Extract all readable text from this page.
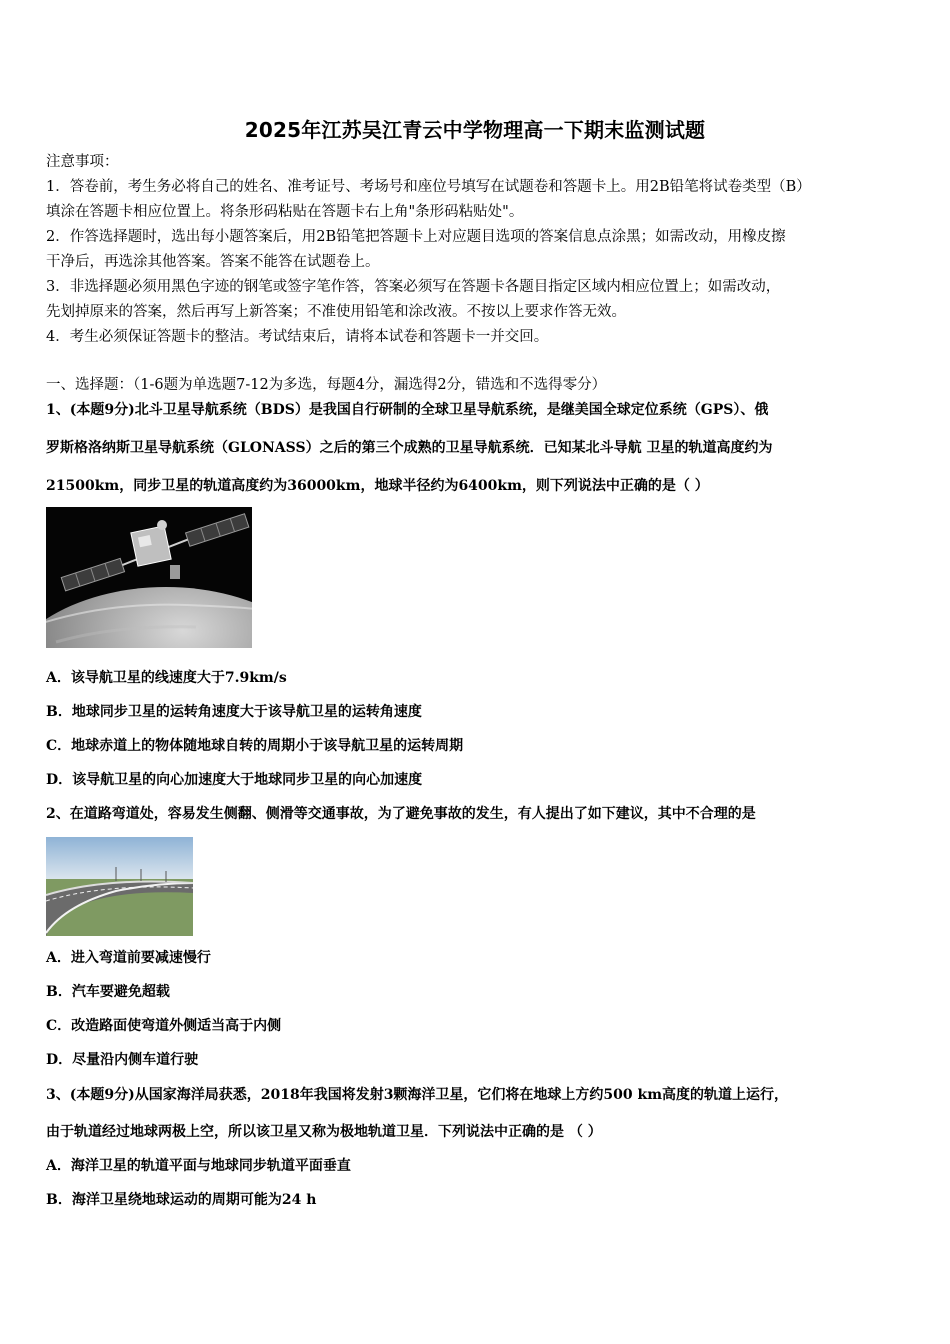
2025年江苏吴江青云中学物理高一下期末监测试题
注意事项：
1．答卷前，考生务必将自己的姓名、准考证号、考场号和座位号填写在试题卷和答题卡上。用2B铅笔将试卷类型（B）
填涂在答题卡相应位置上。将条形码粘贴在答题卡右上角"条形码粘贴处"。
2．作答选择题时，选出每小题答案后，用2B铅笔把答题卡上对应题目选项的答案信息点涂黑；如需改动，用橡皮擦
干净后，再选涂其他答案。答案不能答在试题卷上。
3．非选择题必须用黑色字迹的钢笔或签字笔作答，答案必须写在答题卡各题目指定区域内相应位置上；如需改动，
先划掉原来的答案，然后再写上新答案；不准使用铅笔和涂改液。不按以上要求作答无效。
4．考生必须保证答题卡的整洁。考试结束后，请将本试卷和答题卡一并交回。
一、选择题：（1-6题为单选题7-12为多选，每题4分，漏选得2分，错选和不选得零分）
1、(本题9分)北斗卫星导航系统（BDS）是我国自行研制的全球卫星导航系统，是继美国全球定位系统（GPS）、俄
罗斯格洛纳斯卫星导航系统（GLONASS）之后的第三个成熟的卫星导航系统．已知某北斗导航 卫星的轨道高度约为
21500km，同步卫星的轨道高度约为36000km，地球半径约为6400km，则下列说法中正确的是（ ）
A．该导航卫星的线速度大于7.9km/s
B．地球同步卫星的运转角速度大于该导航卫星的运转角速度
C．地球赤道上的物体随地球自转的周期小于该导航卫星的运转周期
D．该导航卫星的向心加速度大于地球同步卫星的向心加速度
2、在道路弯道处，容易发生侧翻、侧滑等交通事故，为了避免事故的发生，有人提出了如下建议，其中不合理的是
A．进入弯道前要减速慢行
B．汽车要避免超载
C．改造路面使弯道外侧适当高于内侧
D．尽量沿内侧车道行驶
3、(本题9分)从国家海洋局获悉，2018年我国将发射3颗海洋卫星，它们将在地球上方约500 km高度的轨道上运行，
由于轨道经过地球两极上空，所以该卫星又称为极地轨道卫星．下列说法中正确的是 （ ）
A．海洋卫星的轨道平面与地球同步轨道平面垂直
B．海洋卫星绕地球运动的周期可能为24 h
